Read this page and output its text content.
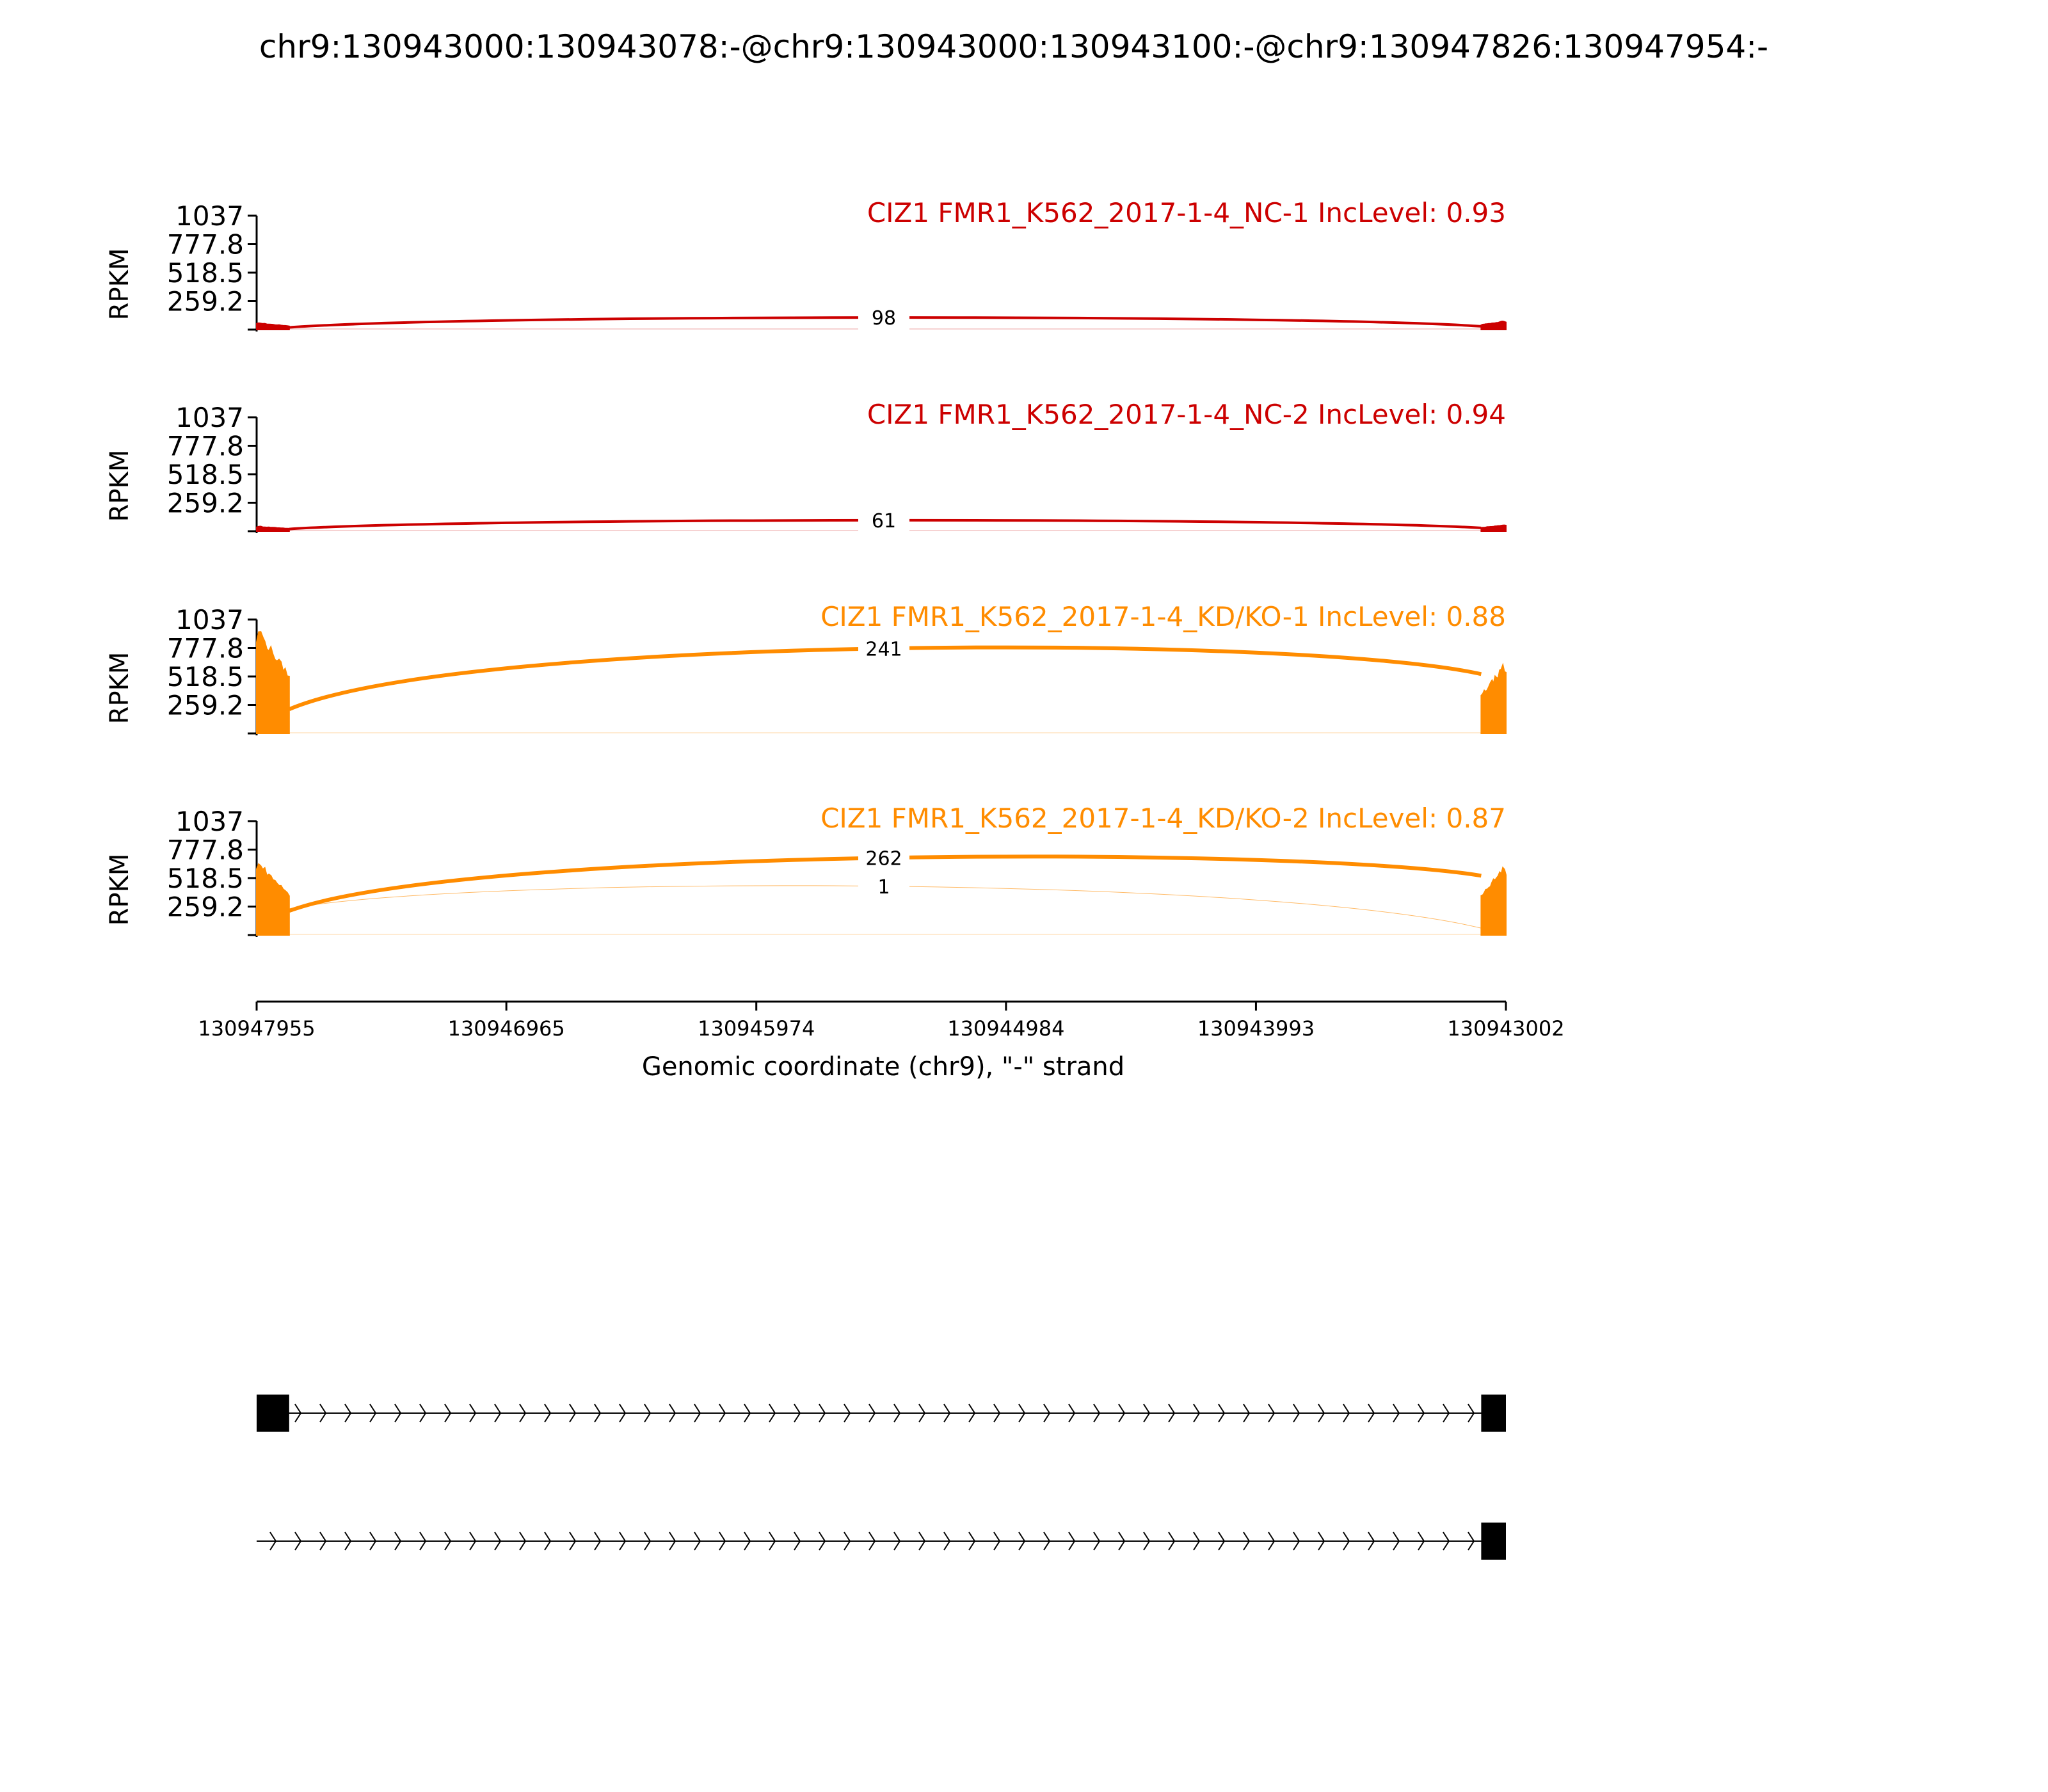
chr9:130943000:130943078:-@chr9:130943000:130943100:-@chr9:130947826:130947954:-
259.2
518.5
777.8
1037
RPKM
CIZ1 FMR1_K562_2017-1-4_NC-1 IncLevel: 0.93
98
259.2
518.5
777.8
1037
RPKM
CIZ1 FMR1_K562_2017-1-4_NC-2 IncLevel: 0.94
61
259.2
518.5
777.8
1037
RPKM
CIZ1 FMR1_K562_2017-1-4_KD/KO-1 IncLevel: 0.88
241
259.2
518.5
777.8
1037
RPKM
CIZ1 FMR1_K562_2017-1-4_KD/KO-2 IncLevel: 0.87
262
1
130947955	130946965	130945974	130944984	130943993	130943002
Genomic coordinate (chr9), "-" strand
